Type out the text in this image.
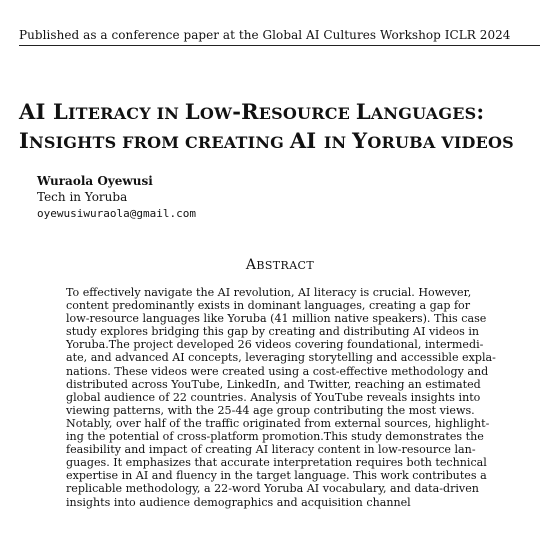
Published as a conference paper at the Global AI Cultures Workshop ICLR 2024
AI LITERACY IN LOW-RESOURCE LANGUAGES:
INSIGHTS FROM CREATING AI IN YORUBA VIDEOS
Wuraola Oyewusi
Tech in Yoruba
oyewusiwuraola@gmail.com
ABSTRACT
To effectively navigate the AI revolution, AI literacy is crucial. However,
content predominantly exists in dominant languages, creating a gap for
low-resource languages like Yoruba (41 million native speakers). This case
study explores bridging this gap by creating and distributing AI videos in
Yoruba.The project developed 26 videos covering foundational, intermedi-
ate, and advanced AI concepts, leveraging storytelling and accessible expla-
nations. These videos were created using a cost-effective methodology and
distributed across YouTube, LinkedIn, and Twitter, reaching an estimated
global audience of 22 countries. Analysis of YouTube reveals insights into
viewing patterns, with the 25-44 age group contributing the most views.
Notably, over half of the traffic originated from external sources, highlight-
ing the potential of cross-platform promotion.This study demonstrates the
feasibility and impact of creating AI literacy content in low-resource lan-
guages. It emphasizes that accurate interpretation requires both technical
expertise in AI and fluency in the target language. This work contributes a
replicable methodology, a 22-word Yoruba AI vocabulary, and data-driven
insights into audience demographics and acquisition channel
